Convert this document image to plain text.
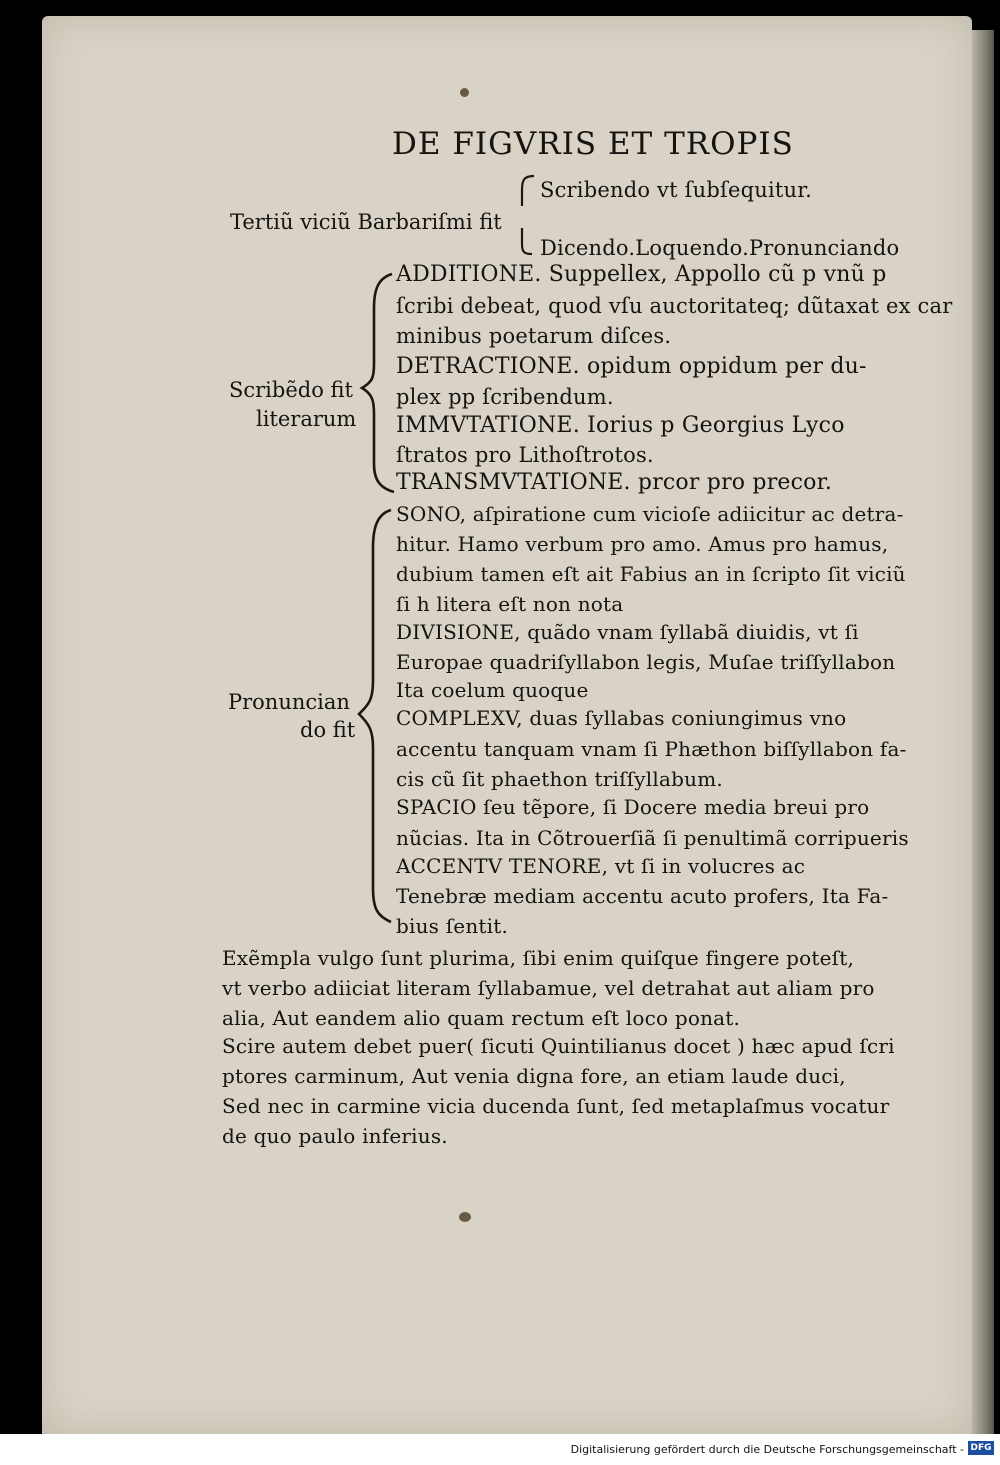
DE FIGVRIS ET TROPIS
Tertiũ viciũ Barbariſmi fit
Scribendo vt ſubſequitur.
Dicendo.Loquendo.Pronunciando
Scribẽdo fit
literarum
ADDITIONE. Suppellex, Appollo cũ p vnũ p
ſcribi debeat, quod vſu auctoritateq; dũtaxat ex car
minibus poetarum diſces.
DETRACTIONE. opidum oppidum per du-
plex pp ſcribendum.
IMMVTATIONE. Iorius p Georgius Lyco
ſtratos pro Lithoſtrotos.
TRANSMVTATIONE. prcor pro precor.
Pronuncian
do fit
SONO, aſpiratione cum vicioſe adiicitur ac detra-
hitur. Hamo verbum pro amo. Amus pro hamus,
dubium tamen eſt ait Fabius an in ſcripto ſit viciũ
ſi h litera eſt non nota
DIVISIONE, quãdo vnam ſyllabã diuidis, vt ſi
Europae quadriſyllabon legis, Muſae triſſyllabon
Ita coelum quoque
COMPLEXV, duas ſyllabas coniungimus vno
accentu tanquam vnam ſi Phæthon biſſyllabon fa-
cis cũ ſit phaethon triſſyllabum.
SPACIO ſeu tẽpore, ſi Docere media breui pro
nũcias. Ita in Cõtrouerſiã ſi penultimã corripueris
ACCENTV TENORE, vt ſi in volucres ac
Tenebræ mediam accentu acuto profers, Ita Fa-
bius ſentit.
Exẽmpla vulgo ſunt plurima, ſibi enim quiſque fingere poteſt,
vt verbo adiiciat literam ſyllabamue, vel detrahat aut aliam pro
alia, Aut eandem alio quam rectum eſt loco ponat.
Scire autem debet puer( ſicuti Quintilianus docet ) hæc apud ſcri
ptores carminum, Aut venia digna fore, an etiam laude duci,
Sed nec in carmine vicia ducenda ſunt, ſed metaplaſmus vocatur
de quo paulo inferius.
Digitalisierung gefördert durch die Deutsche Forschungsgemeinschaft - DFG
